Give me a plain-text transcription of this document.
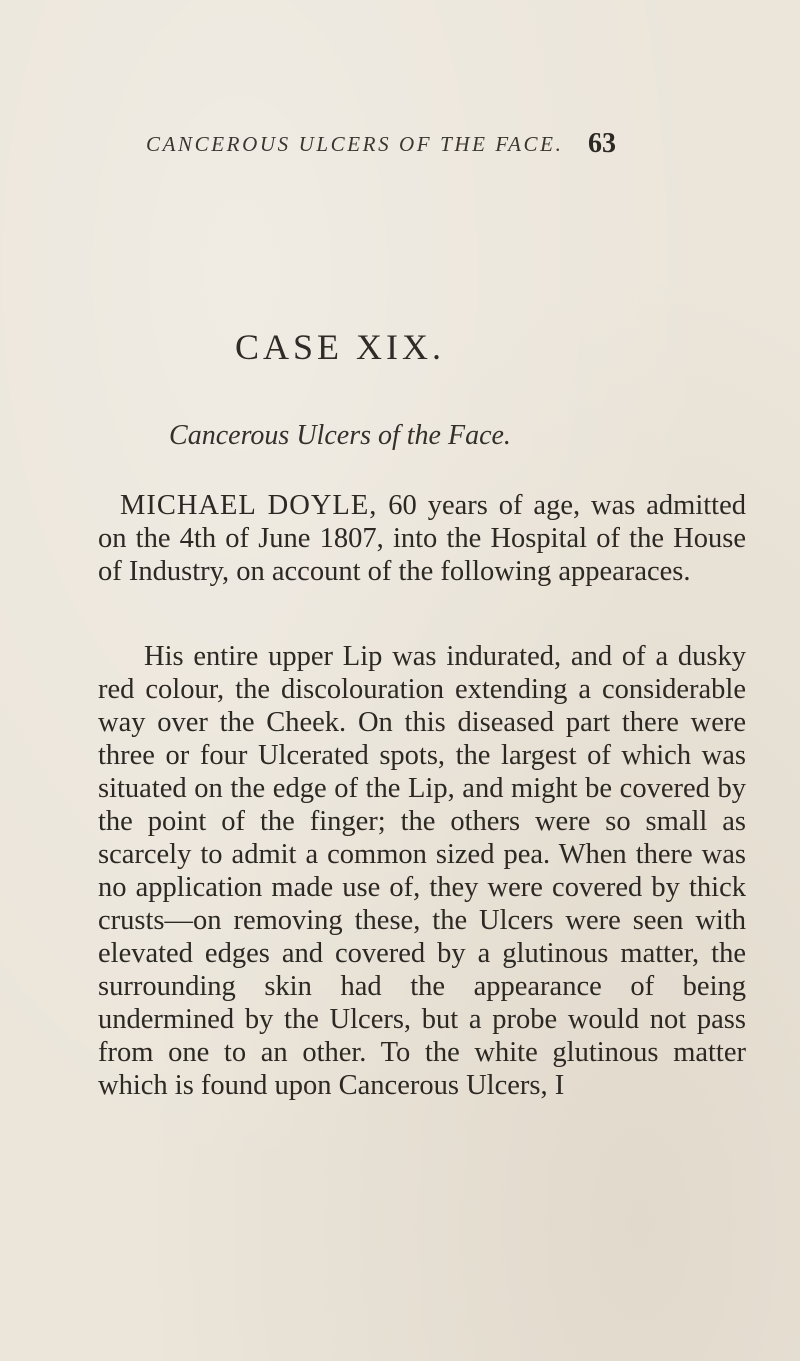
CANCEROUS ULCERS OF THE FACE. 63
CASE XIX.
Cancerous Ulcers of the Face.

MICHAEL DOYLE, 60 years of age, was admitted on the 4th of June 1807, into the Hospital of the House of Industry, on account of the following appearaces.

His entire upper Lip was indurated, and of a dusky red colour, the discolouration extending a considerable way over the Cheek. On this diseased part there were three or four Ulcerated spots, the largest of which was situated on the edge of the Lip, and might be covered by the point of the finger; the others were so small as scarcely to admit a common sized pea. When there was no application made use of, they were covered by thick crusts—on removing these, the Ulcers were seen with elevated edges and covered by a glutinous matter, the surrounding skin had the appearance of being undermined by the Ulcers, but a probe would not pass from one to an other. To the white glutinous matter which is found upon Cancerous Ulcers, I
